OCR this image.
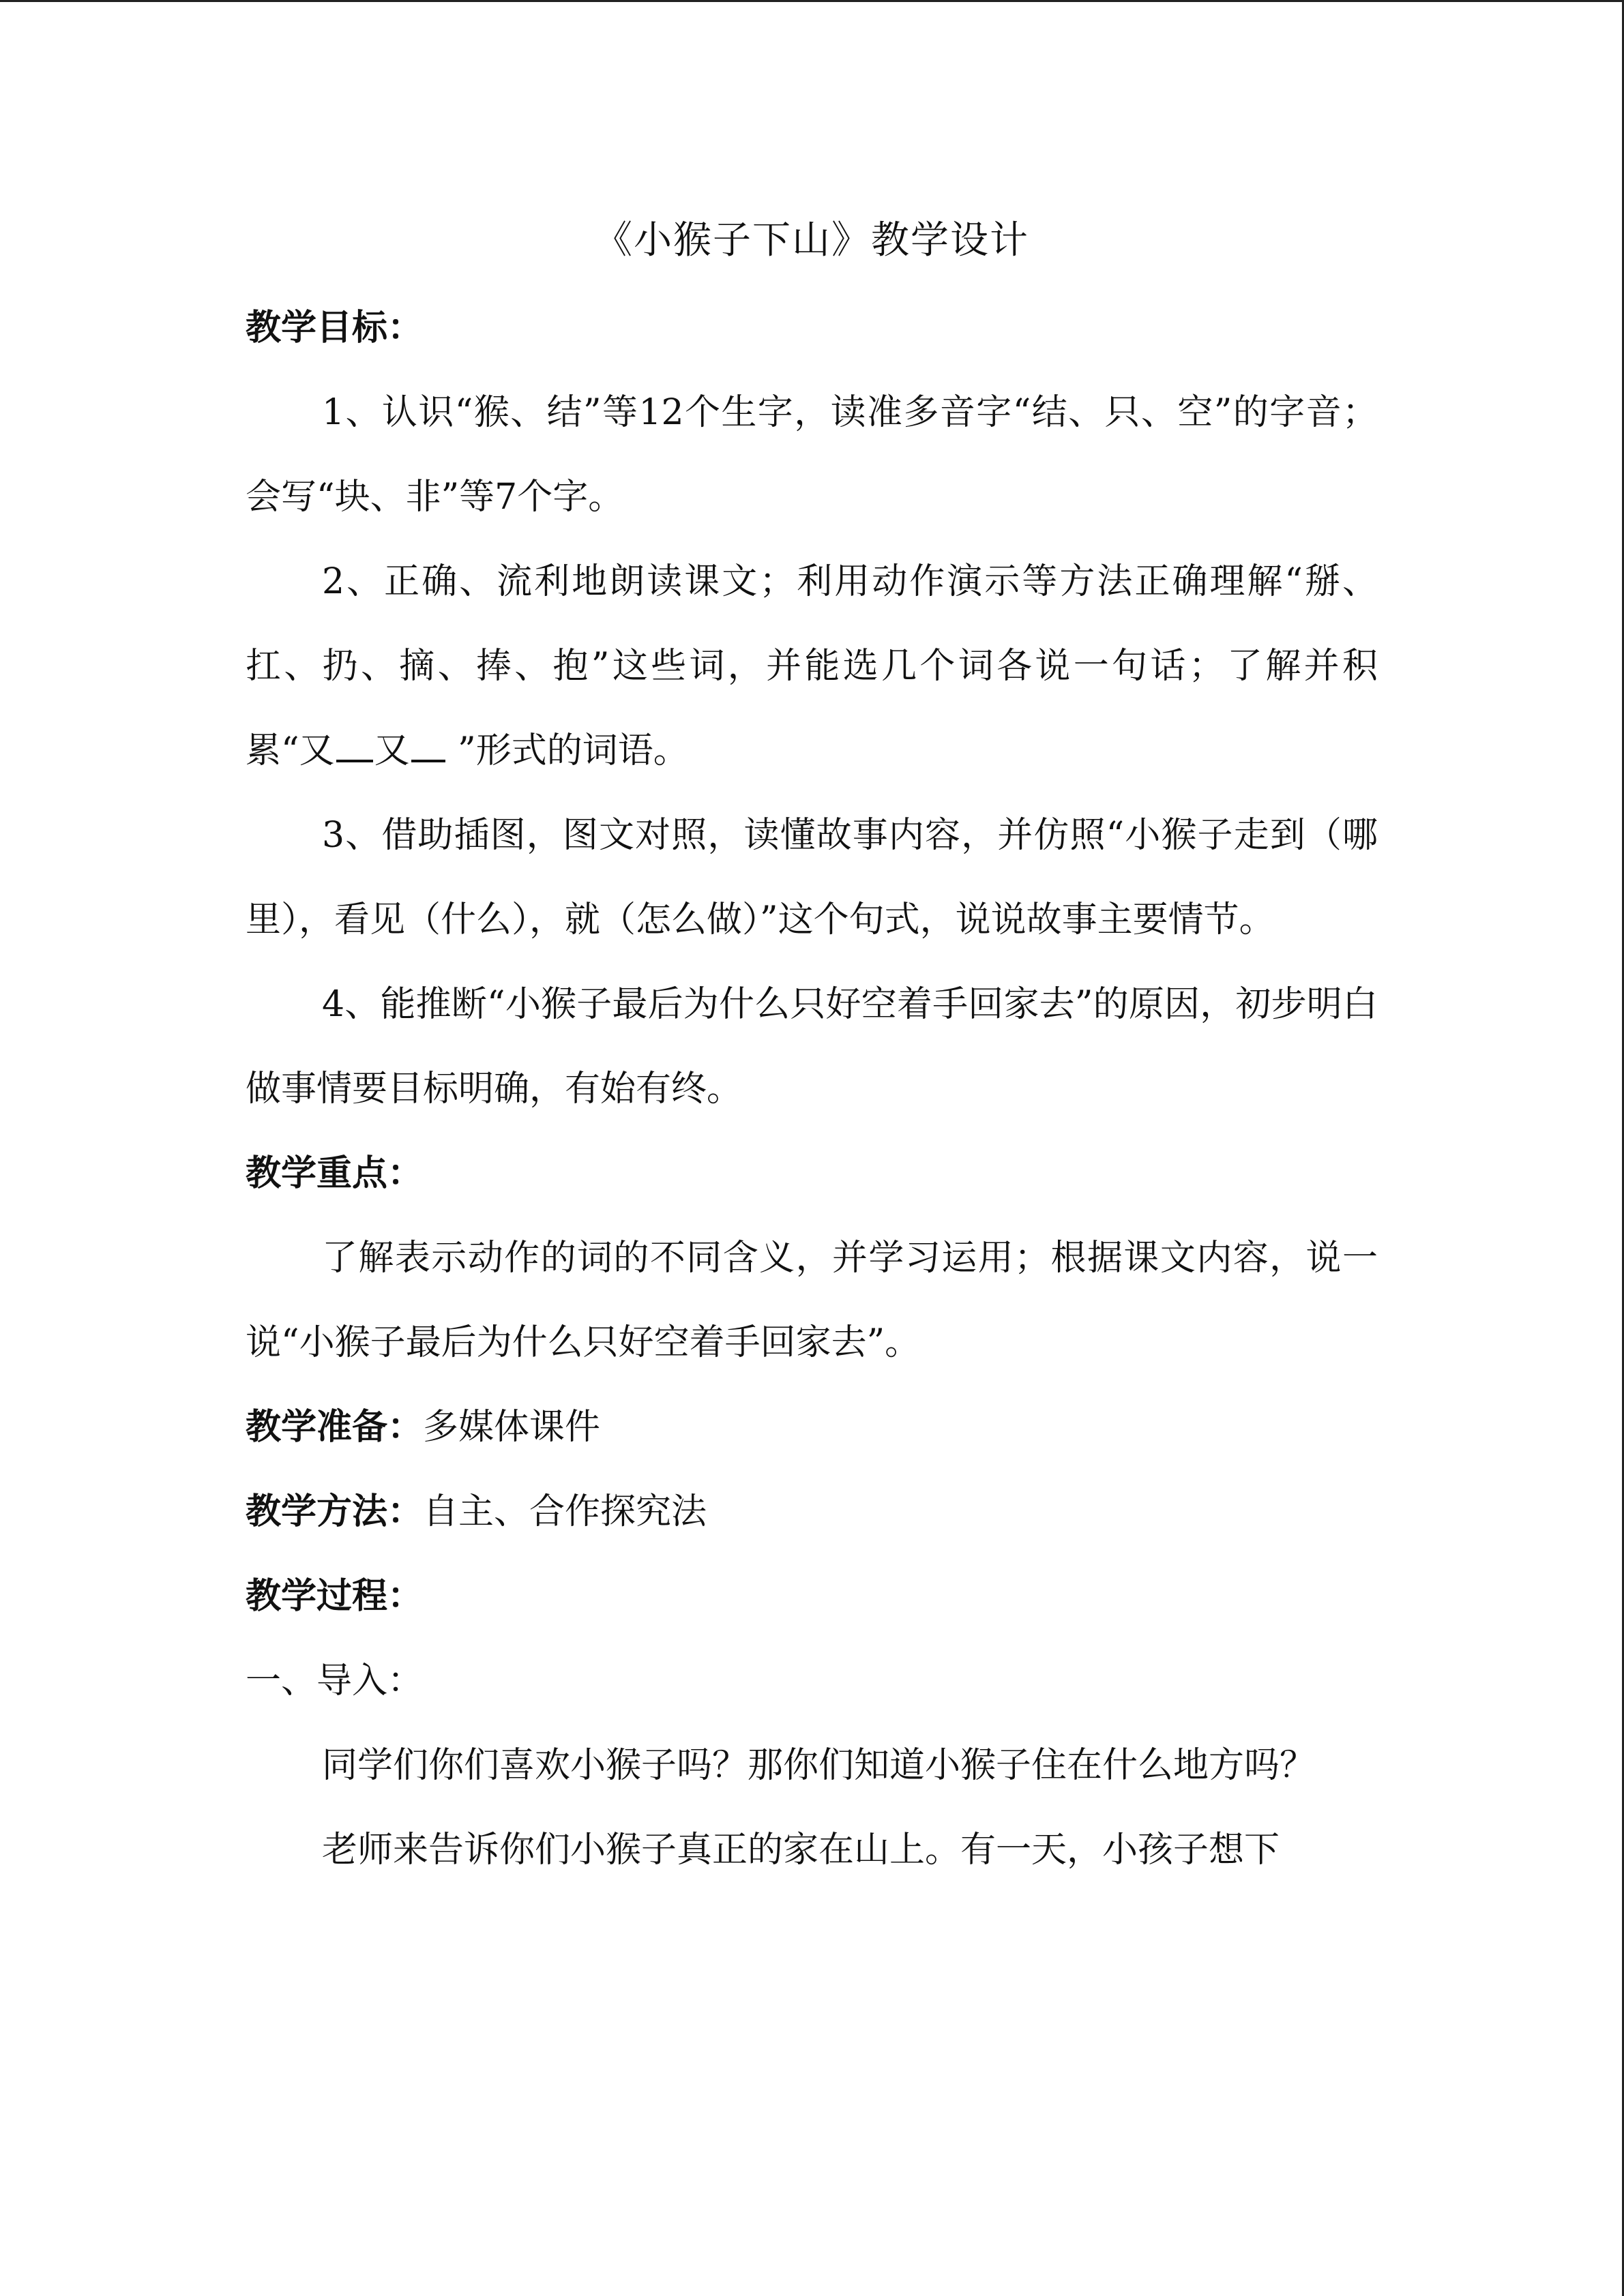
《小猴子下山》教学设计
教学目标：
1、认识“猴、结”等12个生字，读准多音字“结、只、空”的字音；会写“块、非”等7个字。
2、正确、流利地朗读课文；利用动作演示等方法正确理解“掰、扛、扔、摘、捧、抱”这些词，并能选几个词各说一句话；了解并积累“又 又 ”形式的词语。
3、借助插图，图文对照，读懂故事内容，并仿照“小猴子走到（哪里），看见（什么），就（怎么做）”这个句式，说说故事主要情节。
4、能推断“小猴子最后为什么只好空着手回家去”的原因，初步明白做事情要目标明确，有始有终。
教学重点：
了解表示动作的词的不同含义，并学习运用；根据课文内容，说一说“小猴子最后为什么只好空着手回家去”。
教学准备：多媒体课件
教学方法：自主、合作探究法
教学过程：
一、导入：
同学们你们喜欢小猴子吗？那你们知道小猴子住在什么地方吗？
老师来告诉你们小猴子真正的家在山上。有一天，小孩子想下
